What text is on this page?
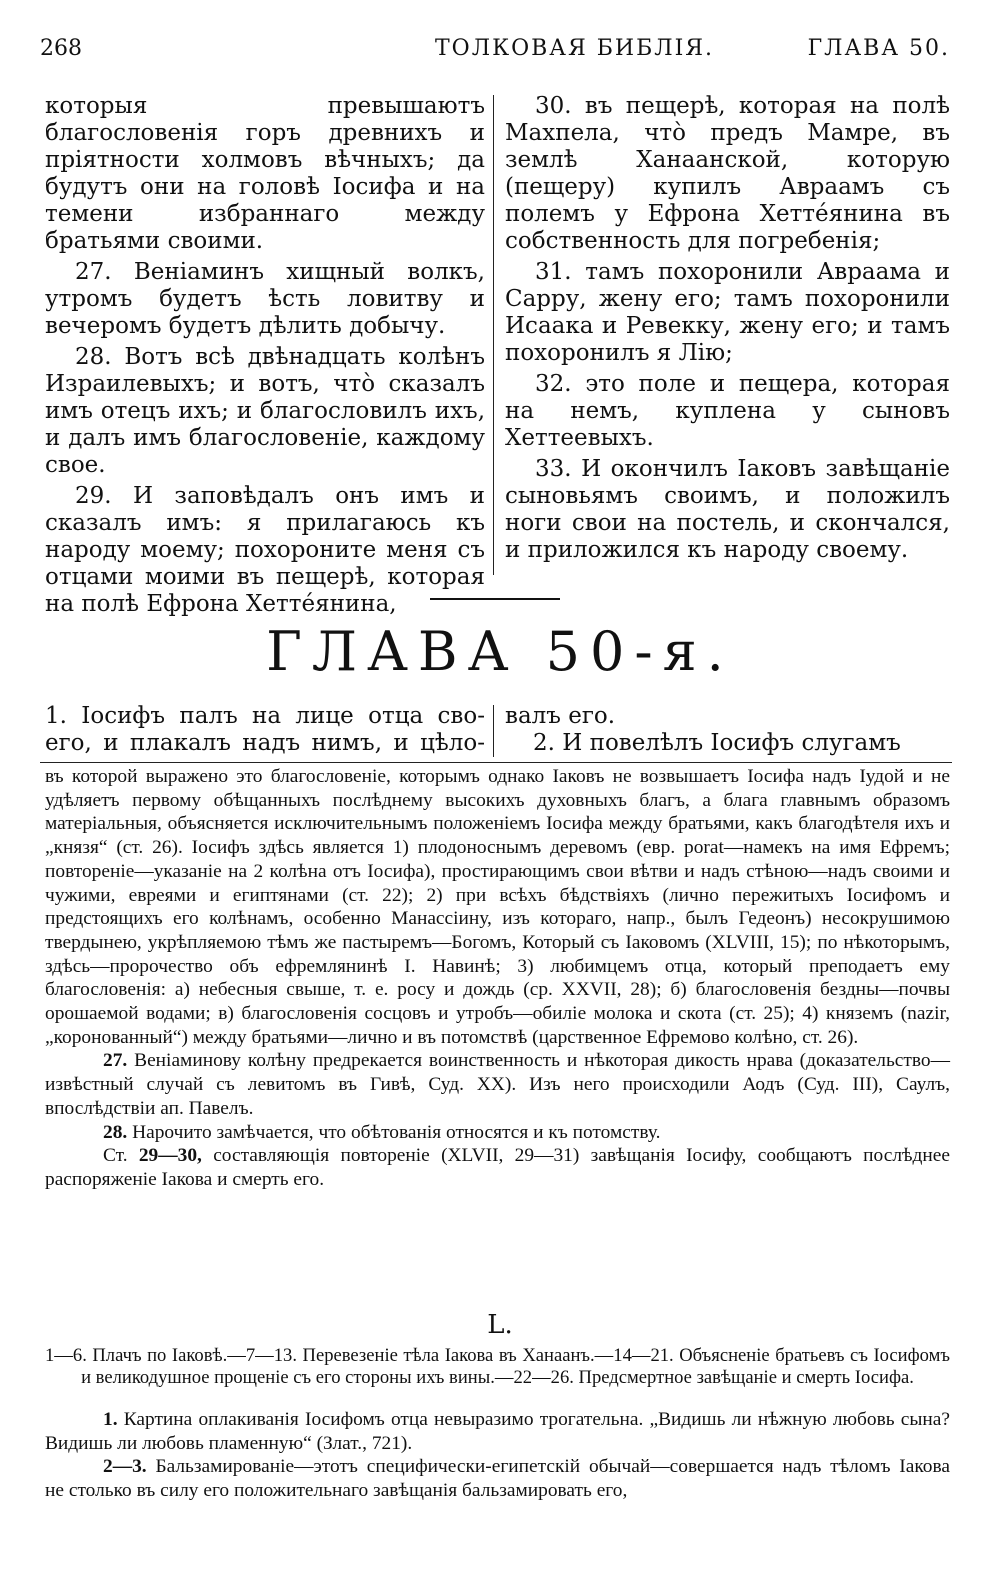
268	ТОЛКОВАЯ БИБЛІЯ.	ГЛАВА 50.

которыя превышаютъ благословенія горъ древнихъ и пріятности холмовъ вѣчныхъ; да будутъ они на головѣ Іосифа и на темени избраннаго между братьями своими.

27. Веніаминъ хищный волкъ, утромъ будетъ ѣсть ловитву и вечеромъ будетъ дѣлить добычу.

28. Вотъ всѣ двѣнадцать колѣнъ Израилевыхъ; и вотъ, что̀ сказалъ имъ отецъ ихъ; и благословилъ ихъ, и далъ имъ благословеніе, каждому свое.

29. И заповѣдалъ онъ имъ и сказалъ имъ: я прилагаюсь къ народу моему; похороните меня съ отцами моими въ пещерѣ, которая на полѣ Ефрона Хеттéянина,

30. въ пещерѣ, которая на полѣ Махпела, что̀ предъ Мамре, въ землѣ Ханаанской, которую (пещеру) купилъ Авраамъ съ полемъ у Ефрона Хеттéянина въ собственность для погребенія;

31. тамъ похоронили Авраама и Сарру, жену его; тамъ похоронили Исаака и Ревекку, жену его; и тамъ похоронилъ я Лію;

32. это поле и пещера, которая на немъ, куплена у сыновъ Хеттеевыхъ.

33. И окончилъ Іаковъ завѣщаніе сыновьямъ своимъ, и положилъ ноги свои на постель, и скончался, и приложился къ народу своему.

ГЛАВА 50-я.
1. Іосифъ палъ на лице отца сво-
его, и плакалъ надъ нимъ, и цѣло-
валъ его.
2. И повелѣлъ Іосифъ слугамъ

въ которой выражено это благословеніе, которымъ однако Іаковъ не возвышаетъ Іосифа надъ Іудой и не удѣляетъ первому обѣщанныхъ послѣднему высокихъ духовныхъ благъ, а блага главнымъ образомъ матеріальныя, объясняется исключительнымъ положеніемъ Іосифа между братьями, какъ благодѣтеля ихъ и „князя“ (ст. 26). Іосифъ здѣсь является 1) плодоноснымъ деревомъ (евр. porat—намекъ на имя Ефремъ; повтореніе—указаніе на 2 колѣна отъ Іосифа), простирающимъ свои вѣтви и надъ стѣною—надъ своими и чужими, евреями и египтянами (ст. 22); 2) при всѣхъ бѣдствіяхъ (лично пережитыхъ Іосифомъ и предстоящихъ его колѣнамъ, особенно Манассіину, изъ котораго, напр., былъ Гедеонъ) несокрушимою твердынею, укрѣпляемою тѣмъ же пастыремъ—Богомъ, Который съ Іаковомъ (XLVIII, 15); по нѣкоторымъ, здѣсь—пророчество объ ефремлянинѣ І. Навинѣ; 3) любимцемъ отца, который преподаетъ ему благословенія: а) небесныя свыше, т. е. росу и дождь (ср. XXVII, 28); б) благословенія бездны—почвы орошаемой водами; в) благословенія сосцовъ и утробъ—обиліе молока и скота (ст. 25); 4) княземъ (nazir, „коронованный“) между братьями—лично и въ потомствѣ (царственное Ефремово колѣно, ст. 26).

27. Веніаминову колѣну предрекается воинственность и нѣкоторая дикость нрава (доказательство—извѣстный случай съ левитомъ въ Гивѣ, Суд. XX). Изъ него происходили Аодъ (Суд. III), Саулъ, впослѣдствіи ап. Павелъ.

28. Нарочито замѣчается, что обѣтованія относятся и къ потомству.

Ст. 29—30, составляющія повтореніе (XLVII, 29—31) завѣщанія Іосифу, сообщаютъ послѣднее распоряженіе Іакова и смерть его.

L.
1—6. Плачъ по Іаковѣ.—7—13. Перевезеніе тѣла Іакова въ Ханаанъ.—14—21. Объясненіе братьевъ съ Іосифомъ и великодушное прощеніе съ его стороны ихъ вины.—22—26. Предсмертное завѣщаніе и смерть Іосифа.

1. Картина оплакиванія Іосифомъ отца невыразимо трогательна. „Видишь ли нѣжную любовь сына? Видишь ли любовь пламенную“ (Злат., 721).

2—3. Бальзамированіе—этотъ специфически-египетскій обычай—совершается надъ тѣломъ Іакова не столько въ силу его положительнаго завѣщанія бальзамировать его,
